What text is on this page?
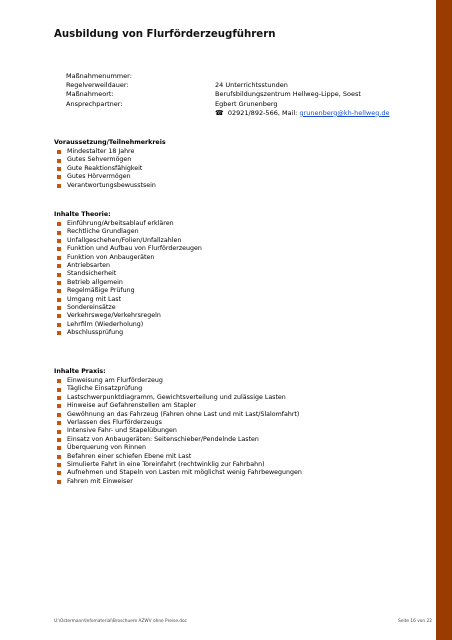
Ausbildung von Flurförderzeugführern
Maßnahmenummer:
Regelverweildauer:	24 Unterrichtsstunden
Maßnahmeort:	Berufsbildungszentrum Hellweg-Lippe, Soest
Ansprechpartner:	Egbert Grunenberg
☎ 02921/892-566, Mail: grunenberg@kh-hellweg.de
Voraussetzung/Teilnehmerkreis
Mindestalter 18 Jahre
Gutes Sehvermögen
Gute Reaktionsfähigkeit
Gutes Hörvermögen
Verantwortungsbewusstsein
Inhalte Theorie:
Einführung/Arbeitsablauf erklären
Rechtliche Grundlagen
Unfallgeschehen/Folien/Unfallzahlen
Funktion und Aufbau von Flurförderzeugen
Funktion von Anbaugeräten
Antriebsarten
Standsicherheit
Betrieb allgemein
Regelmäßige Prüfung
Umgang mit Last
Sondereinsätze
Verkehrswege/Verkehrsregeln
Lehrfilm (Wiederholung)
Abschlussprüfung
Inhalte Praxis:
Einweisung am Flurförderzeug
Tägliche Einsatzprüfung
Lastschwerpunktdiagramm, Gewichtsverteilung und zulässige Lasten
Hinweise auf Gefahrenstellen am Stapler
Gewöhnung an das Fahrzeug (Fahren ohne Last und mit Last/Slalomfahrt)
Verlassen des Flurförderzeugs
Intensive Fahr- und Stapelübungen
Einsatz von Anbaugeräten: Seitenschieber/Pendelnde Lasten
Überquerung von Rinnen
Befahren einer schiefen Ebene mit Last
Simulierte Fahrt in eine Toreinfahrt (rechtwinklig zur Fahrbahn)
Aufnehmen und Stapeln von Lasten mit möglichst wenig Fahrbewegungen
Fahren mit Einweiser
U:\Ostermann\Infomaterial\Broschuere AZWV ohne Preise.doc	Seite 16 von 22
